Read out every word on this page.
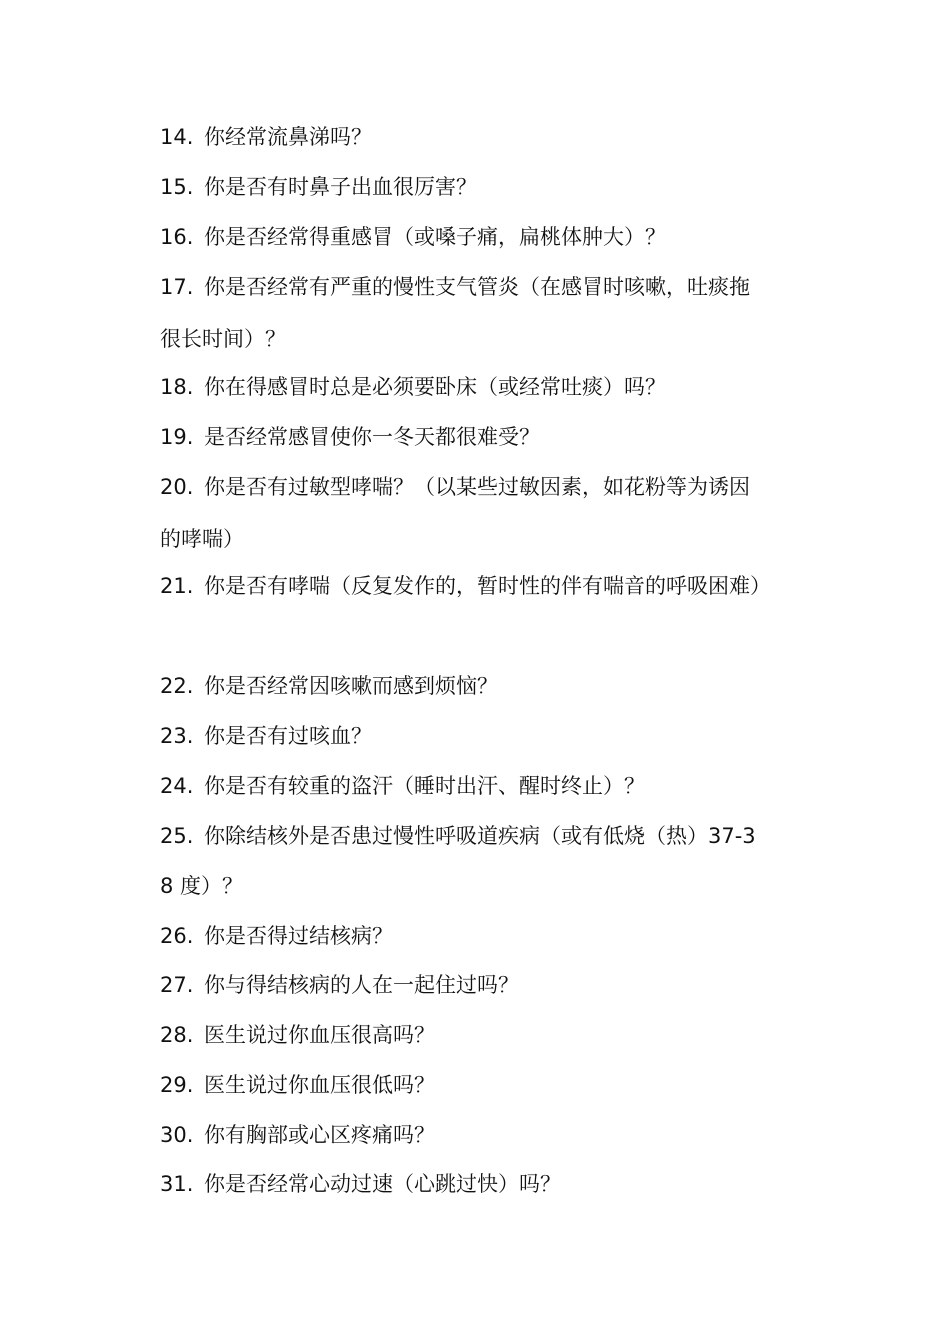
14. 你经常流鼻涕吗？
15. 你是否有时鼻子出血很厉害？
16. 你是否经常得重感冒（或嗓子痛，扁桃体肿大）？
17. 你是否经常有严重的慢性支气管炎（在感冒时咳嗽，吐痰拖
很长时间）？
18. 你在得感冒时总是必须要卧床（或经常吐痰）吗？
19. 是否经常感冒使你一冬天都很难受？
20. 你是否有过敏型哮喘？（以某些过敏因素，如花粉等为诱因
的哮喘）
21. 你是否有哮喘（反复发作的，暂时性的伴有喘音的呼吸困难）
22. 你是否经常因咳嗽而感到烦恼？
23. 你是否有过咳血？
24. 你是否有较重的盗汗（睡时出汗、醒时终止）？
25. 你除结核外是否患过慢性呼吸道疾病（或有低烧（热）37-3
8 度）？
26. 你是否得过结核病？
27. 你与得结核病的人在一起住过吗？
28. 医生说过你血压很高吗？
29. 医生说过你血压很低吗？
30. 你有胸部或心区疼痛吗？
31. 你是否经常心动过速（心跳过快）吗？
